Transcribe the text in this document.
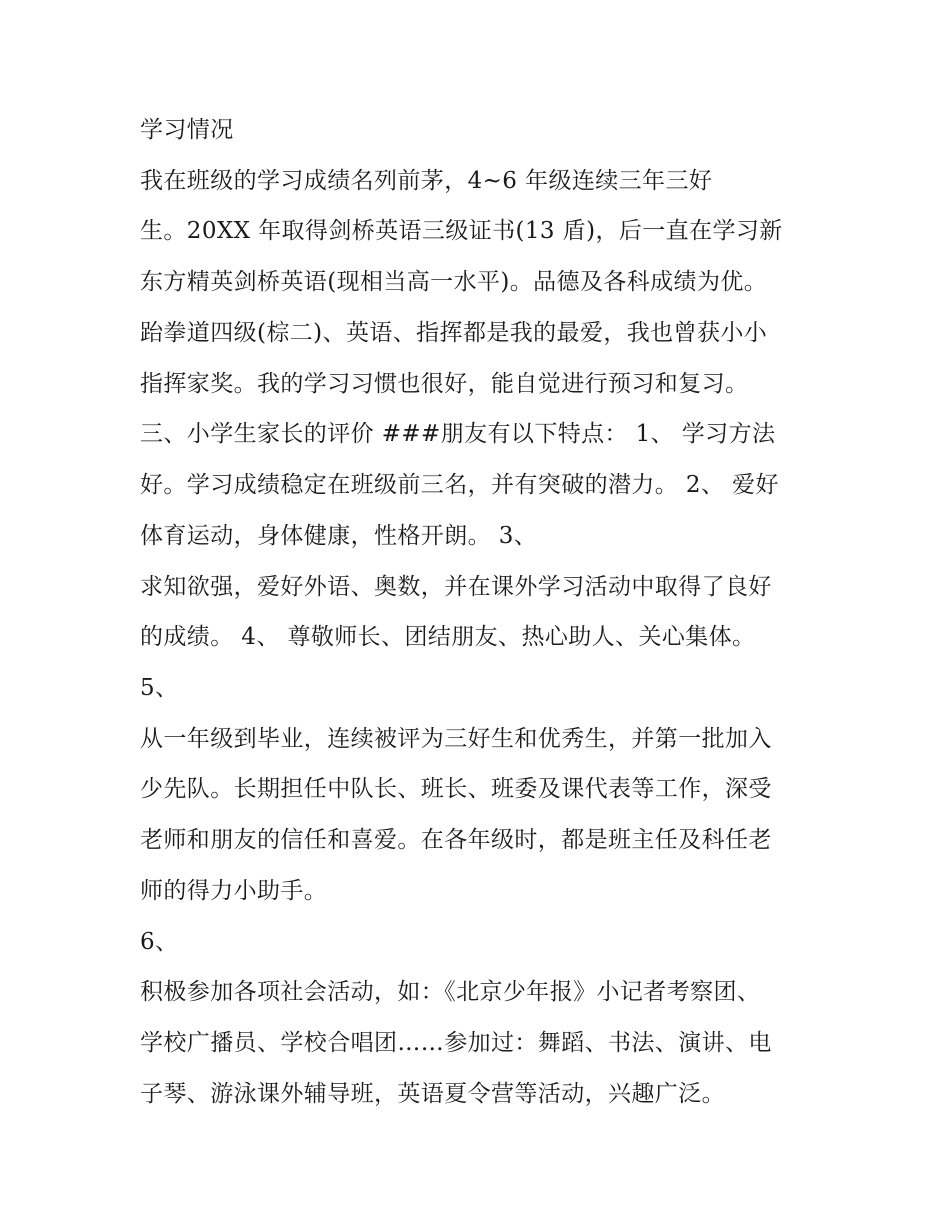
学习情况
我在班级的学习成绩名列前茅，4~6 年级连续三年三好
生。20XX 年取得剑桥英语三级证书(13 盾)，后一直在学习新
东方精英剑桥英语(现相当高一水平)。品德及各科成绩为优。
跆拳道四级(棕二)、英语、指挥都是我的最爱，我也曾获小小
指挥家奖。我的学习习惯也很好，能自觉进行预习和复习。
三、小学生家长的评价 ###朋友有以下特点： 1、 学习方法
好。学习成绩稳定在班级前三名，并有突破的潜力。 2、 爱好
体育运动，身体健康，性格开朗。 3、
求知欲强，爱好外语、奥数，并在课外学习活动中取得了良好
的成绩。 4、 尊敬师长、团结朋友、热心助人、关心集体。
5、
从一年级到毕业，连续被评为三好生和优秀生，并第一批加入
少先队。长期担任中队长、班长、班委及课代表等工作，深受
老师和朋友的信任和喜爱。在各年级时，都是班主任及科任老
师的得力小助手。
6、
积极参加各项社会活动，如：《北京少年报》小记者考察团、
学校广播员、学校合唱团……参加过：舞蹈、书法、演讲、电
子琴、游泳课外辅导班，英语夏令营等活动，兴趣广泛。
